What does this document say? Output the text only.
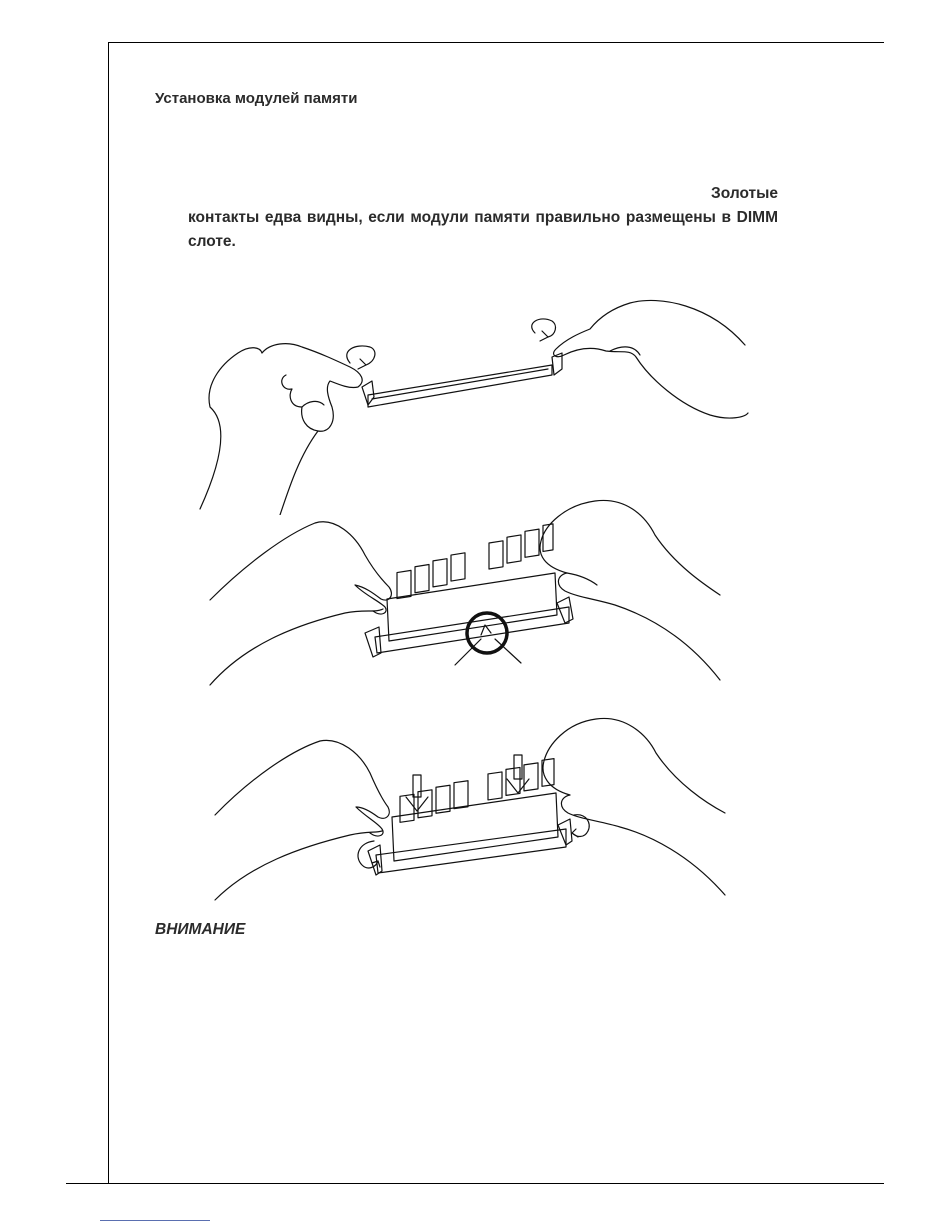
Установка модулей памяти
Золотые
контакты едва видны, если модули памяти правильно размещены в DIMM слоте.
ВНИМАНИЕ
